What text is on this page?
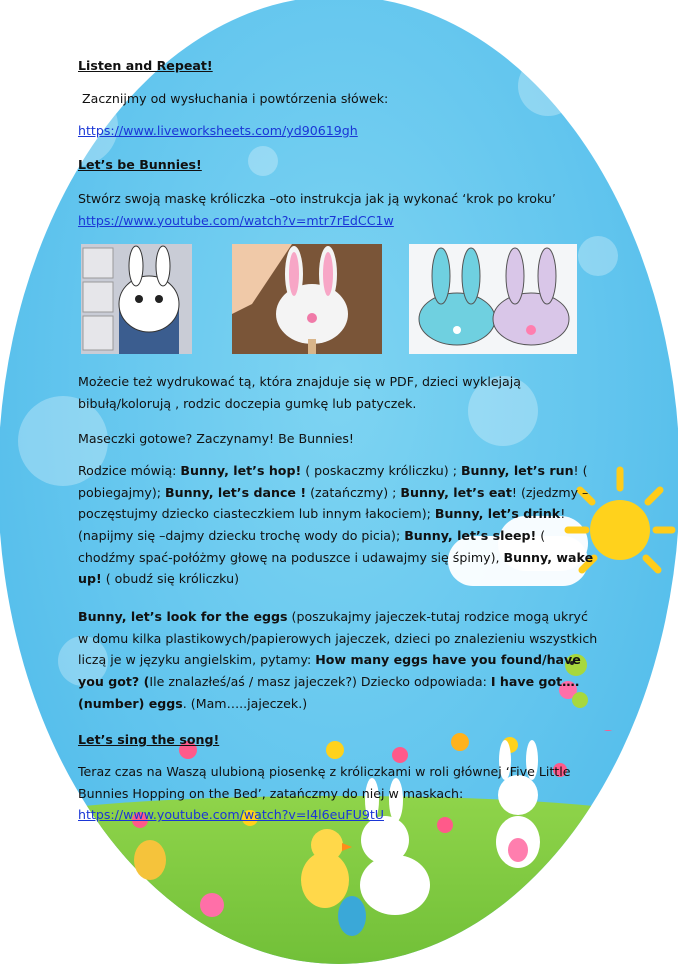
Listen and Repeat!

Zacznijmy od wysłuchania i powtórzenia słówek:

https://www.liveworksheets.com/yd90619gh

Let’s be Bunnies!

Stwórz swoją maskę króliczka –oto instrukcja jak ją wykonać ‘krok po kroku’
https://www.youtube.com/watch?v=mtr7rEdCC1w

Możecie też wydrukować tą, która znajduje się w PDF, dzieci wyklejają bibułą/kolorują , rodzic doczepia gumkę lub patyczek.

Maseczki gotowe? Zaczynamy! Be Bunnies!

Rodzice mówią: Bunny, let’s hop! ( poskaczmy króliczku) ; Bunny, let’s run! ( pobiegajmy); Bunny, let’s dance ! (zatańczmy) ; Bunny, let’s eat! (zjedzmy – poczęstujmy dziecko ciasteczkiem lub innym łakociem); Bunny, let’s drink! (napijmy się –dajmy dziecku trochę wody do picia); Bunny, let’s sleep! ( chodźmy spać-połóżmy głowę na poduszce i udawajmy się śpimy), Bunny, wake up! ( obudź się króliczku)

Bunny, let’s look for the eggs (poszukajmy jajeczek-tutaj rodzice mogą ukryć w domu kilka plastikowych/papierowych jajeczek, dzieci po znalezieniu wszystkich liczą je w języku angielskim, pytamy: How many eggs have you found/have you got? (Ile znalazłeś/aś / masz jajeczek?) Dziecko odpowiada: I have got….(number) eggs. (Mam…..jajeczek.)

Let’s sing the song!

Teraz czas na Waszą ulubioną piosenkę z króliczkami w roli głównej ‘Five Little Bunnies Hopping on the Bed’, zatańczmy do niej w maskach:
https://www.youtube.com/watch?v=I4l6euFU9tU
